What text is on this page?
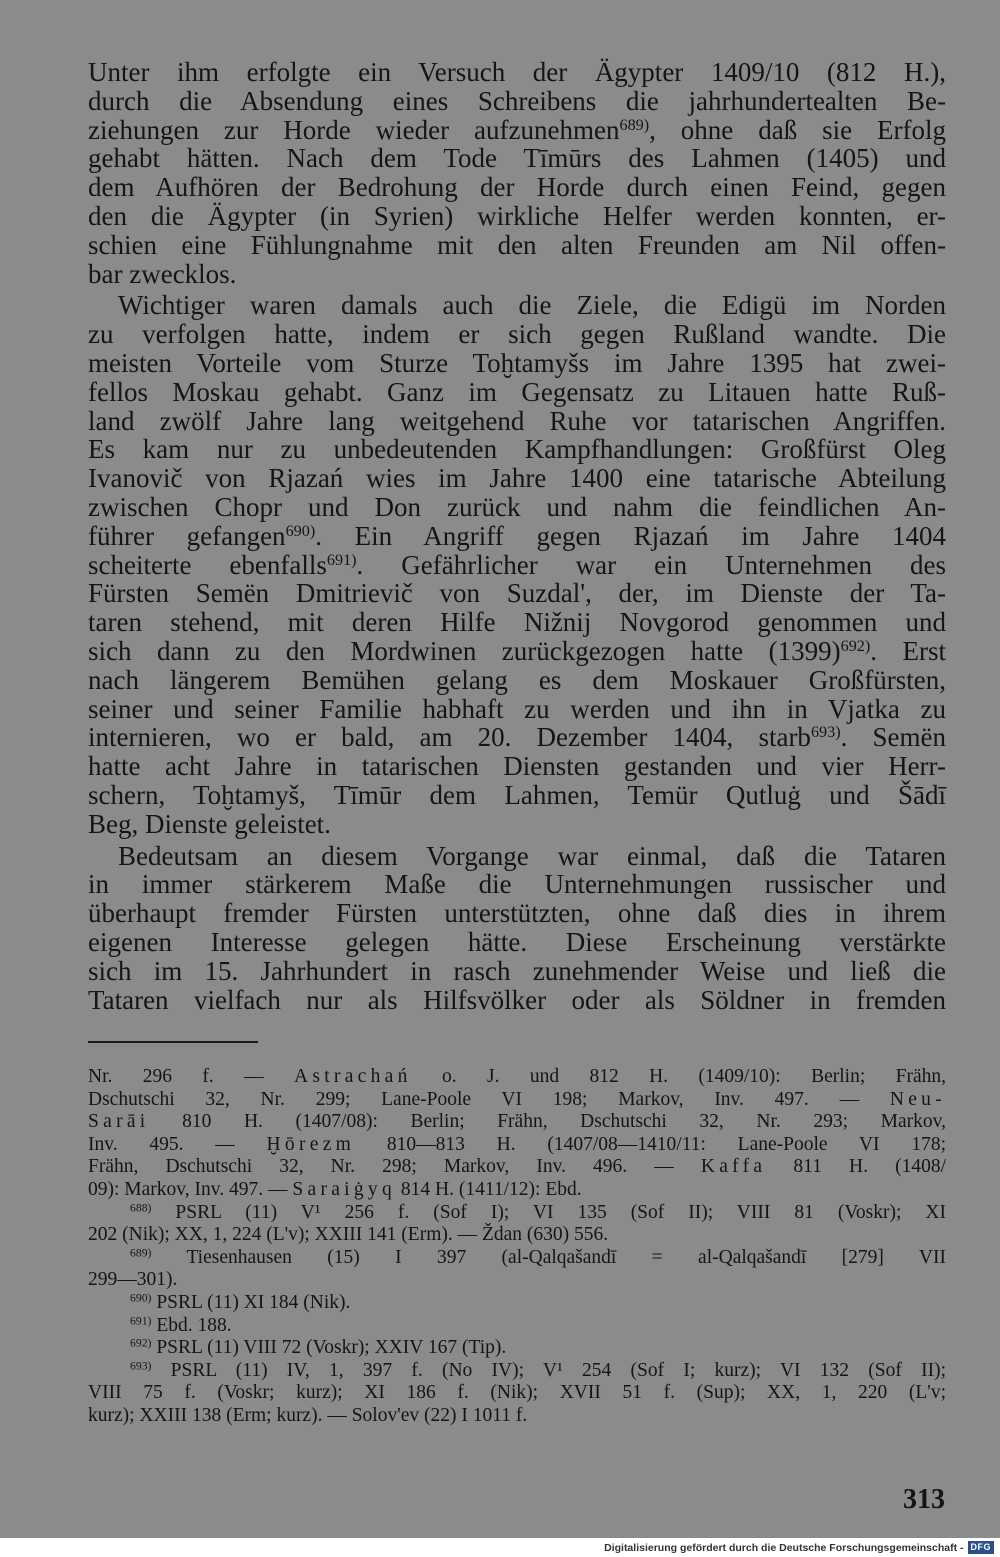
Unter ihm erfolgte ein Versuch der Ägypter 1409/10 (812 H.),
durch die Absendung eines Schreibens die jahrhundertealten Be-
ziehungen zur Horde wieder aufzunehmen$^{689)}$, ohne daß sie Erfolg
gehabt hätten. Nach dem Tode Tīmūrs des Lahmen (1405) und
dem Aufhören der Bedrohung der Horde durch einen Feind, gegen
den die Ägypter (in Syrien) wirkliche Helfer werden konnten, er-
schien eine Fühlungnahme mit den alten Freunden am Nil offen-
bar zwecklos.
Wichtiger waren damals auch die Ziele, die Edigü im Norden
zu verfolgen hatte, indem er sich gegen Rußland wandte. Die
meisten Vorteile vom Sturze Toḫtamyšs im Jahre 1395 hat zwei-
fellos Moskau gehabt. Ganz im Gegensatz zu Litauen hatte Ruß-
land zwölf Jahre lang weitgehend Ruhe vor tatarischen Angriffen.
Es kam nur zu unbedeutenden Kampfhandlungen: Großfürst Oleg
Ivanovič von Rjazań wies im Jahre 1400 eine tatarische Abteilung
zwischen Chopr und Don zurück und nahm die feindlichen An-
führer gefangen$^{690)}$. Ein Angriff gegen Rjazań im Jahre 1404
scheiterte ebenfalls$^{691)}$. Gefährlicher war ein Unternehmen des
Fürsten Semën Dmitrievič von Suzdal', der, im Dienste der Ta-
taren stehend, mit deren Hilfe Nižnij Novgorod genommen und
sich dann zu den Mordwinen zurückgezogen hatte $(1399)^{692)}$. Erst
nach längerem Bemühen gelang es dem Moskauer Großfürsten,
seiner und seiner Familie habhaft zu werden und ihn in Vjatka zu
internieren, wo er bald, am 20. Dezember 1404, starb$^{693)}$. Semën
hatte acht Jahre in tatarischen Diensten gestanden und vier Herr-
schern, Toḫtamyš, Tīmūr dem Lahmen, Temür Qutluġ und Šādī
Beg, Dienste geleistet.
Bedeutsam an diesem Vorgange war einmal, daß die Tataren
in immer stärkerem Maße die Unternehmungen russischer und
überhaupt fremder Fürsten unterstützten, ohne daß dies in ihrem
eigenen Interesse gelegen hätte. Diese Erscheinung verstärkte
sich im 15. Jahrhundert in rasch zunehmender Weise und ließ die
Tataren vielfach nur als Hilfsvölker oder als Söldner in fremden
Nr. 296 f. — Astrachań o. J. und 812 H. (1409/10): Berlin; Frähn,
Dschutschi 32, Nr. 299; Lane-Poole VI 198; Markov, Inv. 497. — Neu-
Sarāi 810 H. (1407/08): Berlin; Frähn, Dschutschi 32, Nr. 293; Markov,
Inv. 495. — Ḫōrezm 810—813 H. (1407/08—1410/11: Lane-Poole VI 178;
Frähn, Dschutschi 32, Nr. 298; Markov, Inv. 496. — Kaffa 811 H. (1408/
09): Markov, Inv. 497. — Saraiġyq 814 H. (1411/12): Ebd.
$^{688)}$ PSRL (11) V¹ 256 f. (Sof I); VI 135 (Sof II); VIII 81 (Voskr); XI
202 (Nik); XX, 1, 224 (L'v); XXIII 141 (Erm). — Ždan (630) 556.
$^{689)}$ Tiesenhausen (15) I 397 (al-Qalqašandī = al-Qalqašandī [279] VII
299—301).
$^{690)}$ PSRL (11) XI 184 (Nik).
$^{691)}$ Ebd. 188.
$^{692)}$ PSRL (11) VIII 72 (Voskr); XXIV 167 (Tip).
$^{693)}$ PSRL (11) IV, 1, 397 f. (No IV); V¹ 254 (Sof I; kurz); VI 132 (Sof II);
VIII 75 f. (Voskr; kurz); XI 186 f. (Nik); XVII 51 f. (Sup); XX, 1, 220 (L'v;
kurz); XXIII 138 (Erm; kurz). — Solov'ev (22) I 1011 f.
313
Digitalisierung gefördert durch die Deutsche Forschungsgemeinschaft - DFG
